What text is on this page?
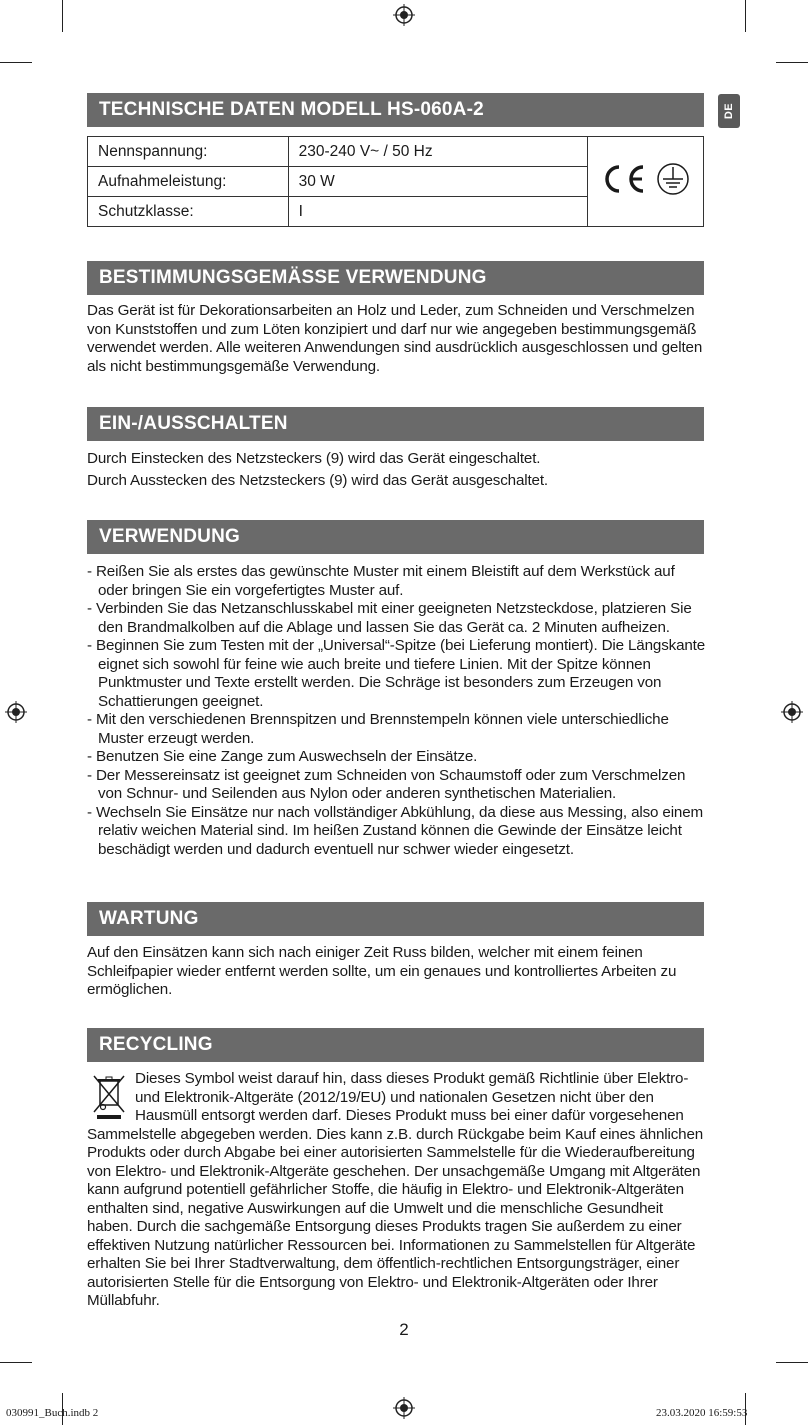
DE
TECHNISCHE DATEN MODELL HS-060A-2
Nennspannung:	230-240 V~ / 50 Hz	
Aufnahmeleistung:	30 W	
Schutzklasse:	I	
BESTIMMUNGSGEMÄSSE VERWENDUNG

Das Gerät ist für Dekorationsarbeiten an Holz und Leder, zum Schneiden und Verschmelzen von Kunststoffen und zum Löten konzipiert und darf nur wie angegeben bestimmungsgemäß verwendet werden. Alle weiteren Anwendungen sind ausdrücklich ausgeschlossen und gelten als nicht bestimmungsgemäße Verwendung.

EIN-/AUSSCHALTEN

Durch Einstecken des Netzsteckers (9) wird das Gerät eingeschaltet.

Durch Ausstecken des Netzsteckers (9) wird das Gerät ausgeschaltet.

VERWENDUNG
- Reißen Sie als erstes das gewünschte Muster mit einem Bleistift auf dem Werkstück auf oder bringen Sie ein vorgefertigtes Muster auf.
- Verbinden Sie das Netzanschlusskabel mit einer geeigneten Netzsteckdose, platzieren Sie den Brandmalkolben auf die Ablage und lassen Sie das Gerät ca. 2 Minuten aufheizen.
- Beginnen Sie zum Testen mit der „Universal“-Spitze (bei Lieferung montiert). Die Längskante eignet sich sowohl für feine wie auch breite und tiefere Linien. Mit der Spitze können Punktmuster und Texte erstellt werden. Die Schräge ist besonders zum Erzeugen von Schattierungen geeignet.
- Mit den verschiedenen Brennspitzen und Brennstempeln können viele unterschiedliche Muster erzeugt werden.
- Benutzen Sie eine Zange zum Auswechseln der Einsätze.
- Der Messereinsatz ist geeignet zum Schneiden von Schaumstoff oder zum Verschmelzen von Schnur- und Seilenden aus Nylon oder anderen synthetischen Materialien.
- Wechseln Sie Einsätze nur nach vollständiger Abkühlung, da diese aus Messing, also einem relativ weichen Material sind. Im heißen Zustand können die Gewinde der Einsätze leicht beschädigt werden und dadurch eventuell nur schwer wieder eingesetzt.
WARTUNG

Auf den Einsätzen kann sich nach einiger Zeit Russ bilden, welcher mit einem feinen Schleifpapier wieder entfernt werden sollte, um ein genaues und kontrolliertes Arbeiten zu ermöglichen.

RECYCLING
Dieses Symbol weist darauf hin, dass dieses Produkt gemäß Richtlinie über Elektro- und Elektronik-Altgeräte (2012/19/EU) und nationalen Gesetzen nicht über den Hausmüll entsorgt werden darf. Dieses Produkt muss bei einer dafür vorgesehenen Sammelstelle abgegeben werden. Dies kann z.B. durch Rückgabe beim Kauf eines ähnlichen Produkts oder durch Abgabe bei einer autorisierten Sammelstelle für die Wiederaufbereitung von Elektro- und Elektronik-Altgeräte geschehen. Der unsachgemäße Umgang mit Altgeräten kann aufgrund potentiell gefährlicher Stoffe, die häufig in Elektro- und Elektronik-Altgeräten enthalten sind, negative Auswirkungen auf die Umwelt und die menschliche Gesundheit haben. Durch die sachgemäße Entsorgung dieses Produkts tragen Sie außerdem zu einer effektiven Nutzung natürlicher Ressourcen bei. Informationen zu Sammelstellen für Altgeräte erhalten Sie bei Ihrer Stadtverwaltung, dem öffentlich-rechtlichen Entsorgungsträger, einer autorisierten Stelle für die Entsorgung von Elektro- und Elektronik-Altgeräten oder Ihrer Müllabfuhr.
2
030991_Buch.indb 2	23.03.2020 16:59:53
